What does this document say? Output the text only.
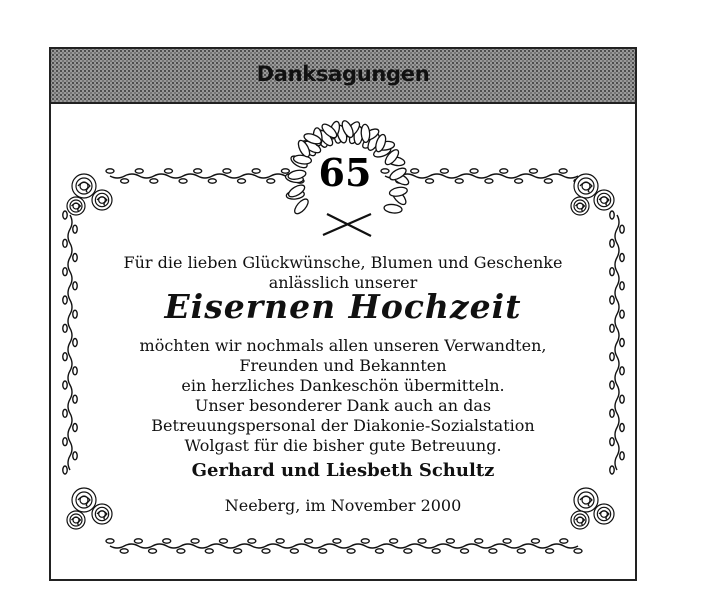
Danksagungen
65
Für die lieben Glückwünsche, Blumen und Geschenke
anlässlich unserer
Eisernen Hochzeit
möchten wir nochmals allen unseren Verwandten,
Freunden und Bekannten
ein herzliches Dankeschön übermitteln.
Unser besonderer Dank auch an das
Betreuungspersonal der Diakonie-Sozialstation
Wolgast für die bisher gute Betreuung.
Gerhard und Liesbeth Schultz
Neeberg, im November 2000
